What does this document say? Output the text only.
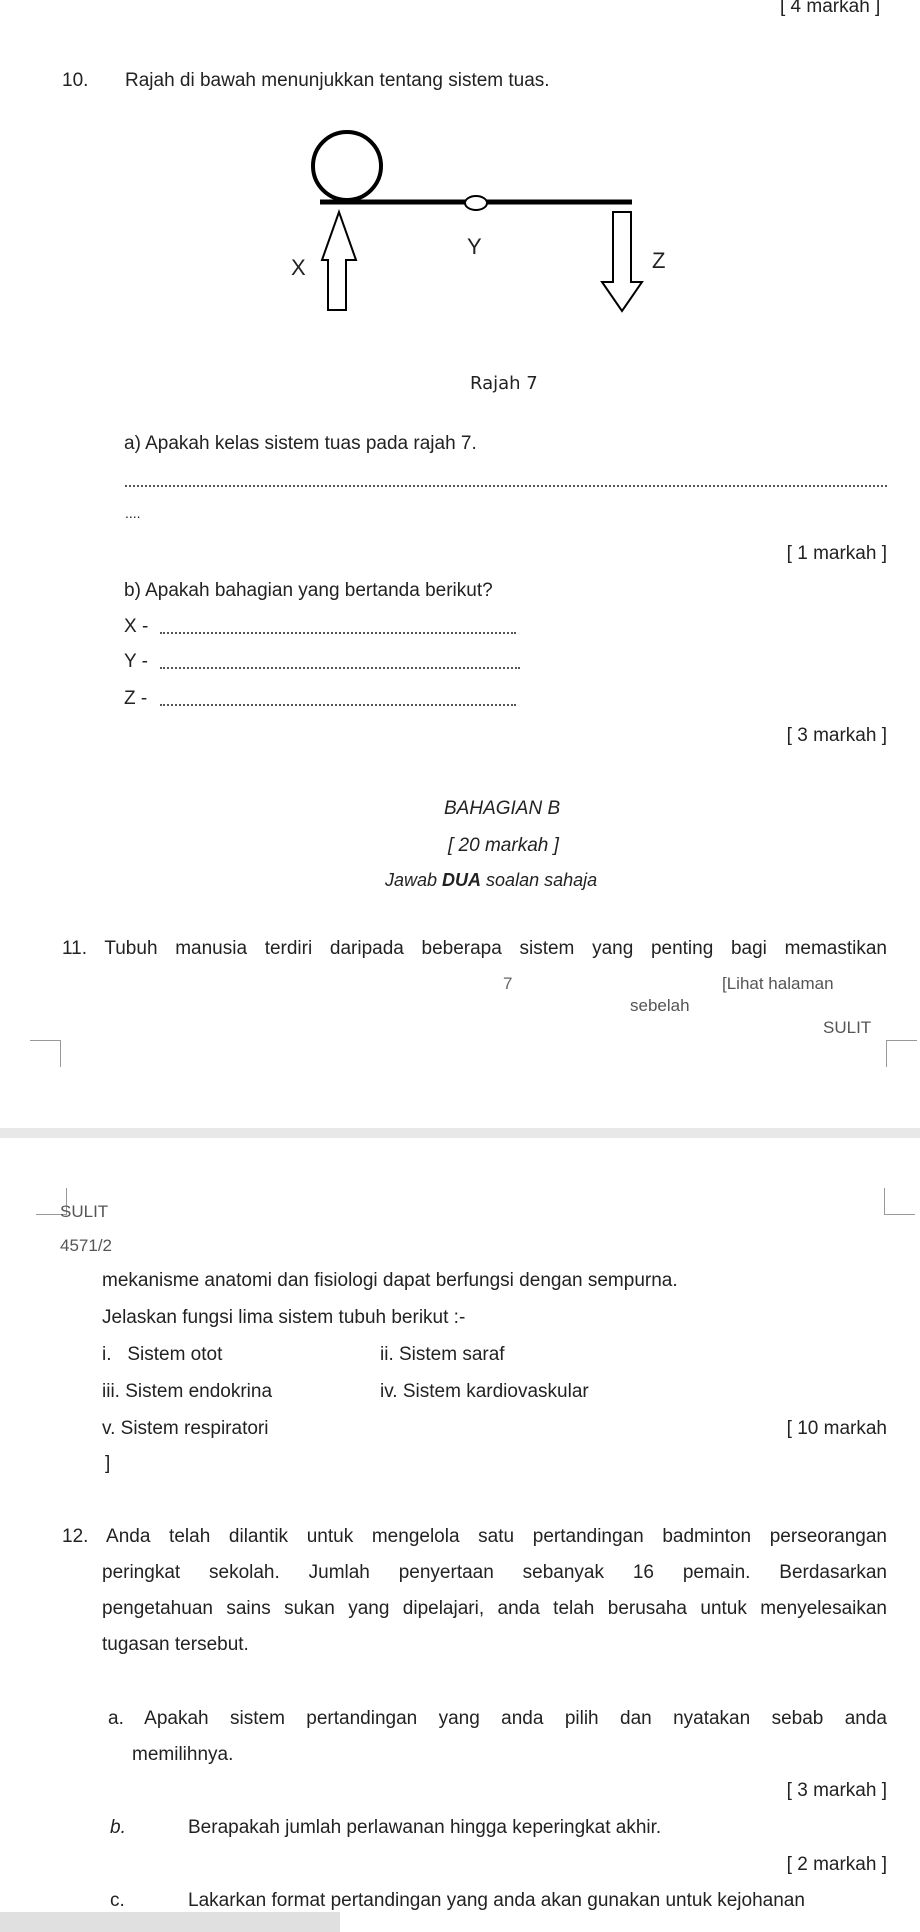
[ 4 markah ]
10. Rajah di bawah menunjukkan tentang sistem tuas.
X
Y
Z
Rajah 7
a) Apakah kelas sistem tuas pada rajah 7.
....
[ 1 markah ]
b) Apakah bahagian yang bertanda berikut?
X -
Y -
Z -
[ 3 markah ]
BAHAGIAN B
[ 20 markah ]
Jawab DUA soalan sahaja
11. Tubuh manusia terdiri daripada beberapa sistem yang penting bagi memastikan
7	[Lihat halaman
sebelah
SULIT
SULIT
4571/2
mekanisme anatomi dan fisiologi dapat berfungsi dengan sempurna.
Jelaskan fungsi lima sistem tubuh berikut :-
i.   Sistem otot	ii. Sistem saraf
iii. Sistem endokrina	iv. Sistem kardiovaskular
v. Sistem respiratori	[ 10 markah
]
12. Anda telah dilantik untuk mengelola satu pertandingan badminton perseorangan
peringkat sekolah. Jumlah penyertaan sebanyak 16 pemain. Berdasarkan
pengetahuan sains sukan yang dipelajari, anda telah berusaha untuk menyelesaikan
tugasan tersebut.
a. Apakah sistem pertandingan yang anda pilih dan nyatakan sebab anda
memilihnya.
[ 3 markah ]
b.	Berapakah jumlah perlawanan hingga keperingkat akhir.
[ 2 markah ]
c.	Lakarkan format pertandingan yang anda akan gunakan untuk kejohanan
